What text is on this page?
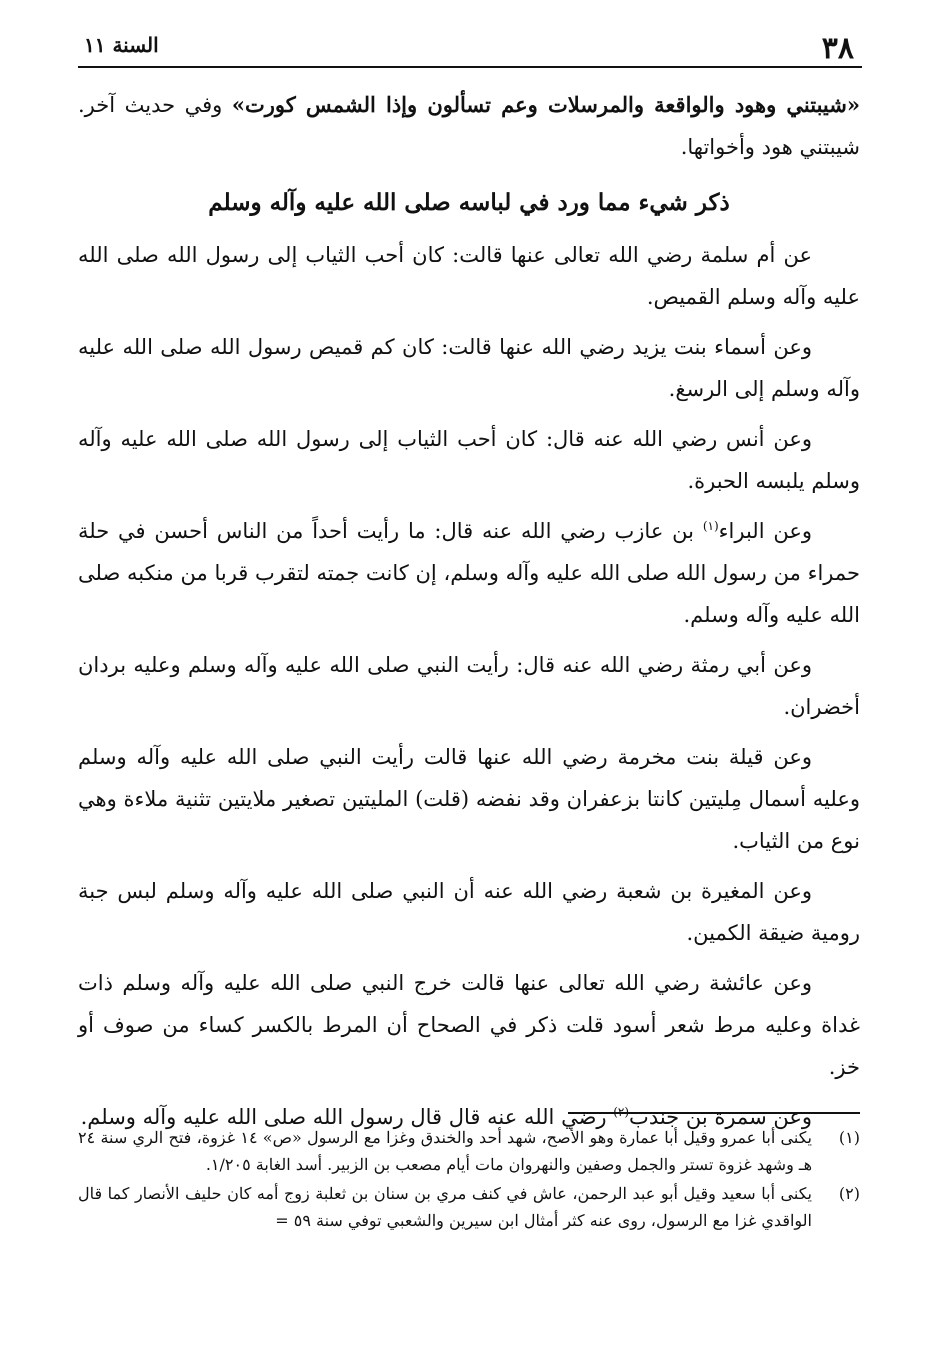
٣٨
السنة ١١

«شيبتني وهود والواقعة والمرسلات وعم تسألون وإذا الشمس كورت» وفي حديث آخر. شيبتني هود وأخواتها.

ذكر شيء مما ورد في لباسه صلى الله عليه وآله وسلم

عن أم سلمة رضي الله تعالى عنها قالت: كان أحب الثياب إلى رسول الله صلى الله عليه وآله وسلم القميص.

وعن أسماء بنت يزيد رضي الله عنها قالت: كان كم قميص رسول الله صلى الله عليه وآله وسلم إلى الرسغ.

وعن أنس رضي الله عنه قال: كان أحب الثياب إلى رسول الله صلى الله عليه وآله وسلم يلبسه الحبرة.

وعن البراء$^{(١)}$ بن عازب رضي الله عنه قال: ما رأيت أحداً من الناس أحسن في حلة حمراء من رسول الله صلى الله عليه وآله وسلم، إن كانت جمته لتقرب قربا من منكبه صلى الله عليه وآله وسلم.

وعن أبي رمثة رضي الله عنه قال: رأيت النبي صلى الله عليه وآله وسلم وعليه بردان أخضران.

وعن قيلة بنت مخرمة رضي الله عنها قالت رأيت النبي صلى الله عليه وآله وسلم وعليه أسمال مِليتين كانتا بزعفران وقد نفضه (قلت) المليتين تصغير ملايتين تثنية ملاءة وهي نوع من الثياب.

وعن المغيرة بن شعبة رضي الله عنه أن النبي صلى الله عليه وآله وسلم لبس جبة رومية ضيقة الكمين.

وعن عائشة رضي الله تعالى عنها قالت خرج النبي صلى الله عليه وآله وسلم ذات غداة وعليه مرط شعر أسود قلت ذكر في الصحاح أن المرط بالكسر كساء من صوف أو خز.

وعن سمرة بن جندب$^{(٢)}$ رضي الله عنه قال قال رسول الله صلى الله عليه وآله وسلم.

(١)
يكنى أبا عمرو وقيل أبا عمارة وهو الأصح، شهد أحد والخندق وغزا مع الرسول «ص» ١٤ غزوة، فتح الري سنة ٢٤ هـ وشهد غزوة تستر والجمل وصفين والنهروان مات أيام مصعب بن الزبير. أسد الغابة ١/٢٠٥.
(٢)
يكنى أبا سعيد وقيل أبو عبد الرحمن، عاش في كنف مري بن سنان بن ثعلبة زوج أمه كان حليف الأنصار كما قال الواقدي غزا مع الرسول، روى عنه كثر أمثال ابن سيرين والشعبي توفي سنة ٥٩ =
